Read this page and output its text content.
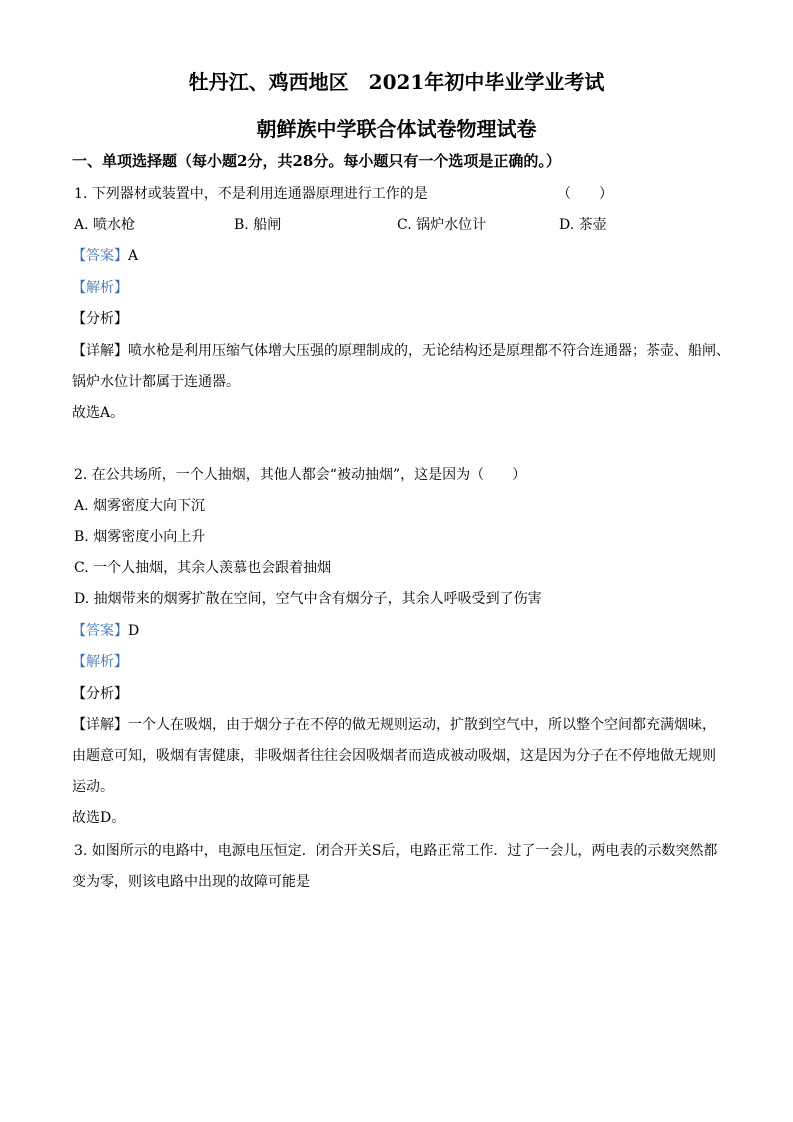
牡丹江、鸡西地区　2021年初中毕业学业考试
朝鲜族中学联合体试卷物理试卷
一、单项选择题（每小题2分，共28分。每小题只有一个选项是正确的。）
1. 下列器材或装置中，不是利用连通器原理进行工作的是	（　　）
A. 喷水枪	B. 船闸	C. 锅炉水位计	D. 茶壶
【答案】A
【解析】
【分析】
【详解】喷水枪是利用压缩气体增大压强的原理制成的，无论结构还是原理都不符合连通器；茶壶、船闸、
锅炉水位计都属于连通器。
故选A。
2. 在公共场所，一个人抽烟，其他人都会“被动抽烟”，这是因为（　　）
A. 烟雾密度大向下沉
B. 烟雾密度小向上升
C. 一个人抽烟，其余人羡慕也会跟着抽烟
D. 抽烟带来的烟雾扩散在空间，空气中含有烟分子，其余人呼吸受到了伤害
【答案】D
【解析】
【分析】
【详解】一个人在吸烟，由于烟分子在不停的做无规则运动，扩散到空气中，所以整个空间都充满烟味，
由题意可知，吸烟有害健康，非吸烟者往往会因吸烟者而造成被动吸烟，这是因为分子在不停地做无规则
运动。
故选D。
3. 如图所示的电路中，电源电压恒定．闭合开关S后，电路正常工作．过了一会儿，两电表的示数突然都
变为零，则该电路中出现的故障可能是
